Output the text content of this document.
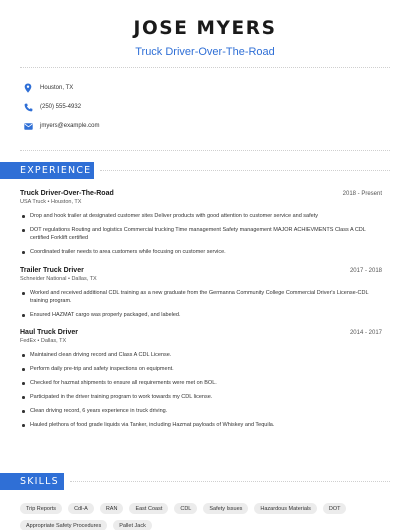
JOSE MYERS
Truck Driver-Over-The-Road
Houston, TX
(250) 555-4932
jmyers@example.com
EXPERIENCE
Truck Driver-Over-The-Road	2018 - Present
USA Truck • Houston, TX
Drop and hook trailer at designated customer sites Deliver products with good attention to customer service and safety
DOT regulations Routing and logistics Commercial trucking Time management Safety management MAJOR ACHIEVMENTS Class A CDL certified Forklift certified
Coordinated trailer needs to area customers while focusing on customer service.
Trailer Truck Driver	2017 - 2018
Schneider National • Dallas, TX
Worked and received additional CDL training as a new graduate from the Germanna Community College Commercial Driver's License-CDL training program.
Ensured HAZMAT cargo was properly packaged, and labeled.
Haul Truck Driver	2014 - 2017
FedEx • Dallas, TX
Maintained clean driving record and Class A CDL License.
Perform daily pre-trip and safety inspections on equipment.
Checked for hazmat shipments to ensure all requirements were met on BOL.
Participated in the driver training program to work towards my CDL license.
Clean driving record, 6 years experience in truck driving.
Hauled plethora of food grade liquids via Tanker, including Hazmat payloads of Whiskey and Tequila.
SKILLS
Trip Reports	Cdl-A	RAN	East Coast	CDL	Safety Issues	Hazardous Materials	DOT
Appropriate Safety Procedures	Pallet Jack
